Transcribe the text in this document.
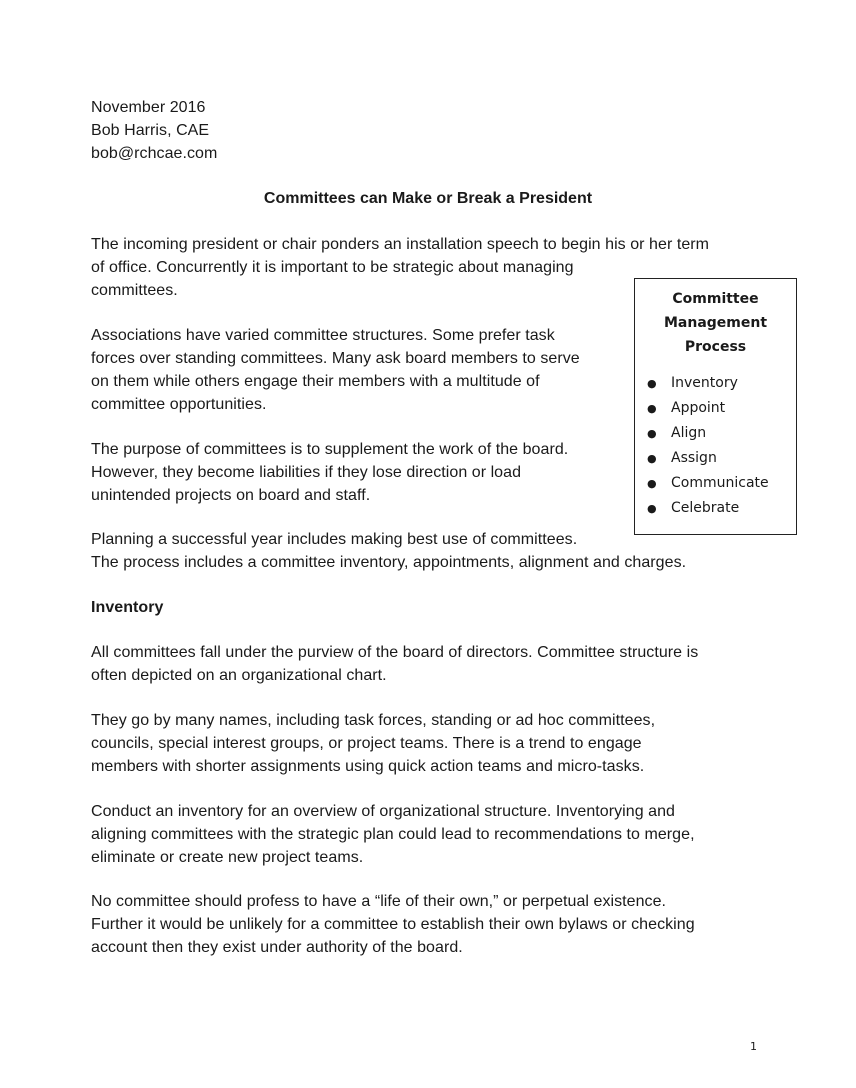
November 2016
Bob Harris, CAE
bob@rchcae.com
Committees can Make or Break a President
The incoming president or chair ponders an installation speech to begin his or her term
of office. Concurrently it is important to be strategic about managing
committees.
Associations have varied committee structures. Some prefer task
forces over standing committees. Many ask board members to serve
on them while others engage their members with a multitude of
committee opportunities.
The purpose of committees is to supplement the work of the board.
However, they become liabilities if they lose direction or load
unintended projects on board and staff.
Planning a successful year includes making best use of committees.
The process includes a committee inventory, appointments, alignment and charges.
Inventory
All committees fall under the purview of the board of directors. Committee structure is
often depicted on an organizational chart.
They go by many names, including task forces, standing or ad hoc committees,
councils, special interest groups, or project teams. There is a trend to engage
members with shorter assignments using quick action teams and micro-tasks.
Conduct an inventory for an overview of organizational structure. Inventorying and
aligning committees with the strategic plan could lead to recommendations to merge,
eliminate or create new project teams.
No committee should profess to have a “life of their own,” or perpetual existence.
Further it would be unlikely for a committee to establish their own bylaws or checking
account then they exist under authority of the board.
Committee
Management
Process
● Inventory
● Appoint
● Align
● Assign
● Communicate
● Celebrate
1
